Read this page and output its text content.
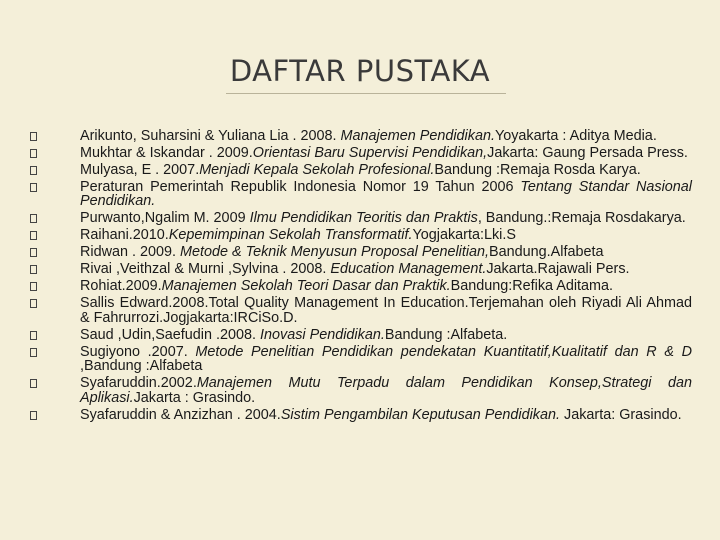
DAFTAR PUSTAKA
Arikunto, Suharsini & Yuliana Lia . 2008. Manajemen Pendidikan.Yoyakarta : Aditya Media.
Mukhtar & Iskandar . 2009.Orientasi Baru Supervisi Pendidikan,Jakarta: Gaung Persada Press.
Mulyasa, E . 2007.Menjadi Kepala Sekolah Profesional.Bandung :Remaja Rosda Karya.
Peraturan Pemerintah Republik Indonesia Nomor 19 Tahun 2006 Tentang Standar Nasional Pendidikan.
Purwanto,Ngalim M. 2009 Ilmu Pendidikan Teoritis dan Praktis, Bandung.:Remaja Rosdakarya.
Raihani.2010.Kepemimpinan Sekolah Transformatif.Yogjakarta:Lki.S
Ridwan . 2009. Metode & Teknik Menyusun Proposal Penelitian,Bandung.Alfabeta
Rivai ,Veithzal & Murni ,Sylvina . 2008. Education Management.Jakarta.Rajawali Pers.
Rohiat.2009.Manajemen Sekolah Teori Dasar dan Praktik.Bandung:Refika Aditama.
Sallis Edward.2008.Total Quality Management In Education.Terjemahan oleh Riyadi Ali Ahmad & Fahrurrozi.Jogjakarta:IRCiSo.D.
Saud ,Udin,Saefudin .2008. Inovasi Pendidikan.Bandung :Alfabeta.
Sugiyono .2007. Metode Penelitian Pendidikan pendekatan Kuantitatif,Kualitatif dan R & D ,Bandung :Alfabeta
Syafaruddin.2002.Manajemen Mutu Terpadu dalam Pendidikan Konsep,Strategi dan Aplikasi.Jakarta : Grasindo.
Syafaruddin & Anzizhan . 2004.Sistim Pengambilan Keputusan Pendidikan. Jakarta: Grasindo.
